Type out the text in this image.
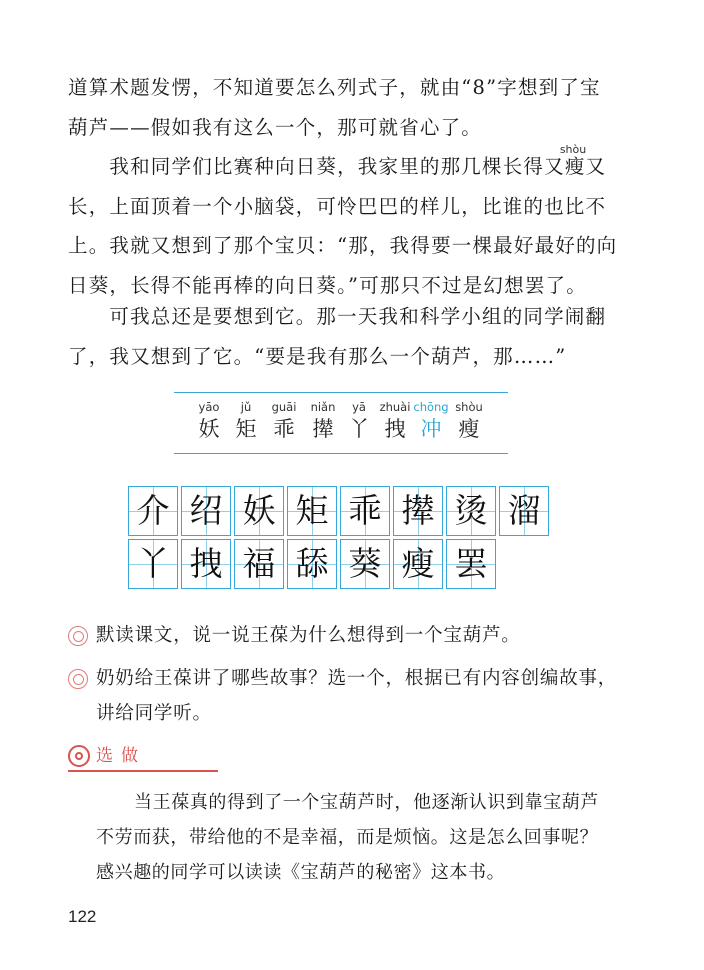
道算术题发愣，不知道要怎么列式子，就由“8”字想到了宝
葫芦——假如我有这么一个，那可就省心了。
　　我和同学们比赛种向日葵，我家里的那几棵长得又
shòu
瘦又
长，上面顶着一个小脑袋，可怜巴巴的样儿，比谁的也比不
上。我就又想到了那个宝贝：“那，我得要一棵最好最好的向
日葵，长得不能再棒的向日葵。”可那只不过是幻想罢了。
　　可我总还是要想到它。那一天我和科学小组的同学闹翻
了，我又想到了它。“要是我有那么一个葫芦，那……”
yāo
妖
jǔ
矩
guāi
乖
niǎn
撵
yā
丫
zhuài
拽
chōng
冲
shòu
瘦
介 绍 妖 矩 乖 撵 烫 溜
丫 拽 福 舔 葵 瘦 罢
默读课文，说一说王葆为什么想得到一个宝葫芦。
奶奶给王葆讲了哪些故事？选一个，根据已有内容创编故事，
讲给同学听。
选做
当王葆真的得到了一个宝葫芦时，他逐渐认识到靠宝葫芦
不劳而获，带给他的不是幸福，而是烦恼。这是怎么回事呢？
感兴趣的同学可以读读《宝葫芦的秘密》这本书。
122
